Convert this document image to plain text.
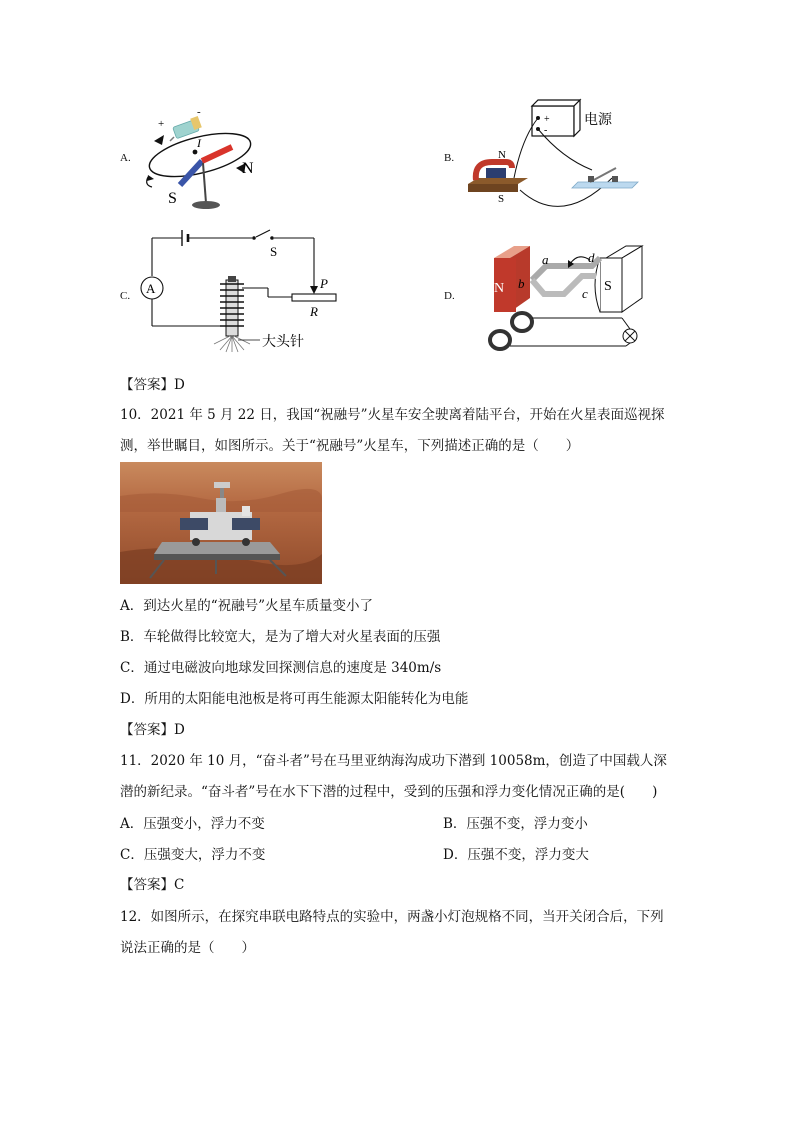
A.
+
-
I
N
S
B.
+
-
电源
N
S
C.
S
P
R
A
大头针
D.	N	S
a
b
c
d
【答案】D
10．2021 年 5 月 22 日，我国“祝融号”火星车安全驶离着陆平台，开始在火星表面巡视探
测，举世瞩目，如图所示。关于“祝融号”火星车，下列描述正确的是（　　）
A．到达火星的“祝融号”火星车质量变小了
B．车轮做得比较宽大，是为了增大对火星表面的压强
C．通过电磁波向地球发回探测信息的速度是 340m/s
D．所用的太阳能电池板是将可再生能源太阳能转化为电能
【答案】D
11．2020 年 10 月，“奋斗者”号在马里亚纳海沟成功下潜到 10058m，创造了中国载人深
潜的新纪录。“奋斗者”号在水下下潜的过程中，受到的压强和浮力变化情况正确的是(　　)
A．压强变小，浮力不变	B．压强不变，浮力变小
C．压强变大，浮力不变	D．压强不变，浮力变大
【答案】C
12．如图所示，在探究串联电路特点的实验中，两盏小灯泡规格不同，当开关闭合后，下列
说法正确的是（　　）
